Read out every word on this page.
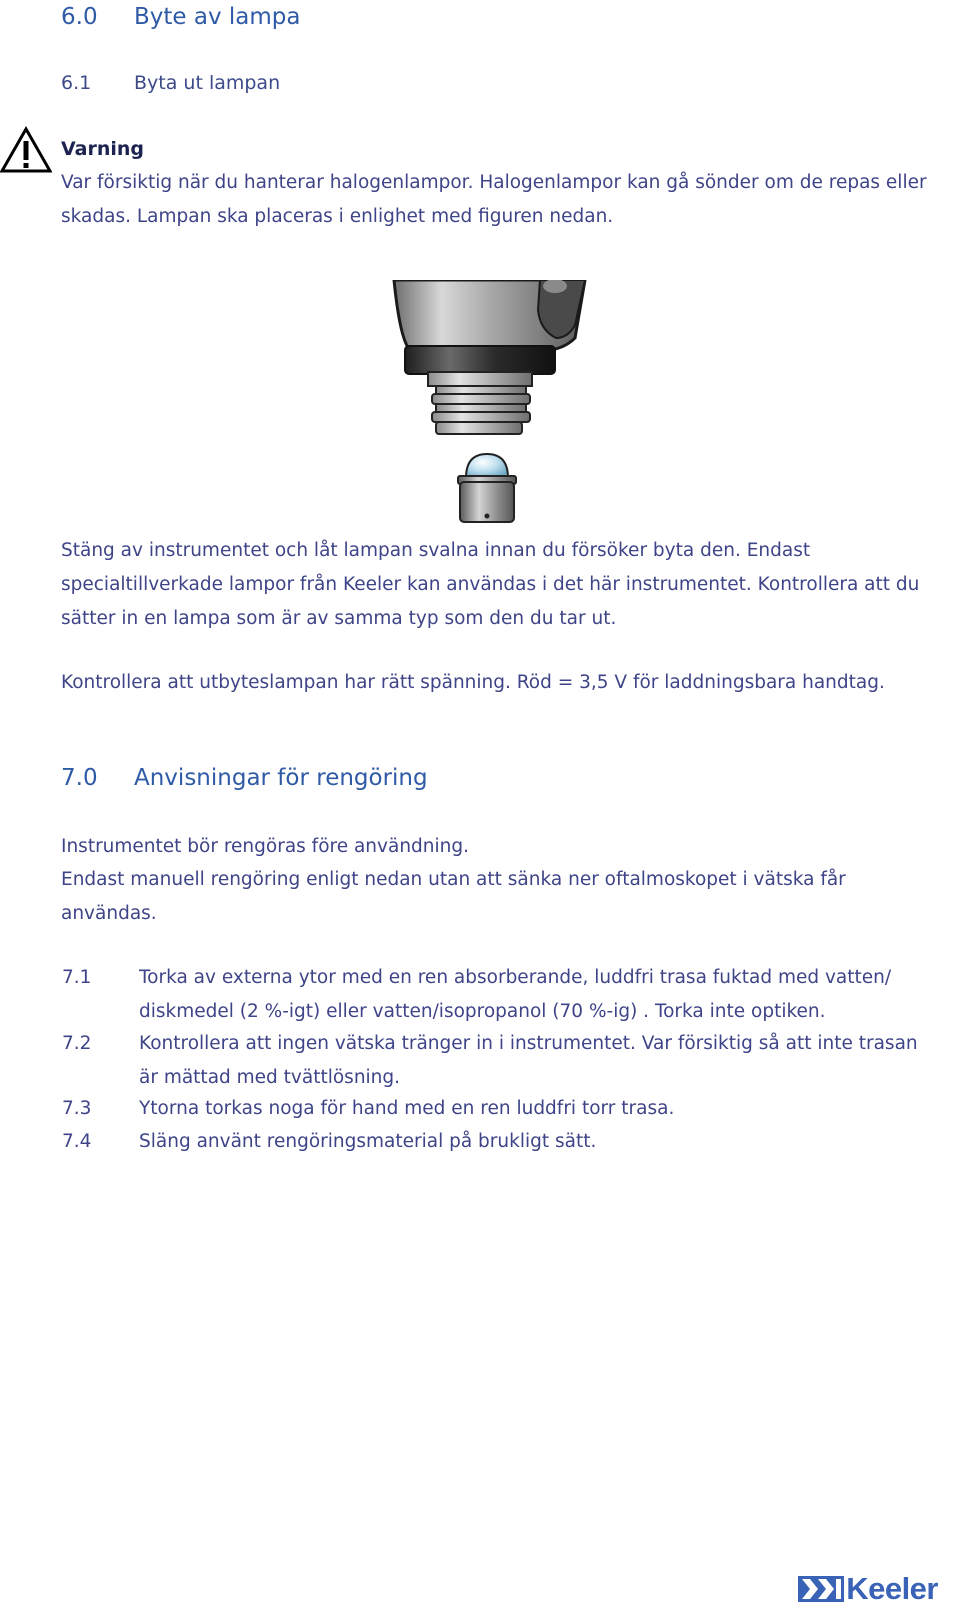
6.0 Byte av lampa
6.1 Byta ut lampan
Varning
Var försiktig när du hanterar halogenlampor. Halogenlampor kan gå sönder om de repas eller skadas. Lampan ska placeras i enlighet med figuren nedan.
Stäng av instrumentet och låt lampan svalna innan du försöker byta den. Endast specialtillverkade lampor från Keeler kan användas i det här instrumentet. Kontrollera att du sätter in en lampa som är av samma typ som den du tar ut.
Kontrollera att utbyteslampan har rätt spänning. Röd = 3,5 V för laddningsbara handtag.
7.0 Anvisningar för rengöring
Instrumentet bör rengöras före användning.
Endast manuell rengöring enligt nedan utan att sänka ner oftalmoskopet i vätska får användas.
7.1	Torka av externa ytor med en ren absorberande, luddfri trasa fuktad med vatten/ diskmedel (2 %-igt) eller vatten/isopropanol (70 %-ig) . Torka inte optiken.
7.2	Kontrollera att ingen vätska tränger in i instrumentet. Var försiktig så att inte trasan är mättad med tvättlösning.
7.3	Ytorna torkas noga för hand med en ren luddfri torr trasa.
7.4	Släng använt rengöringsmaterial på brukligt sätt.
Keeler
